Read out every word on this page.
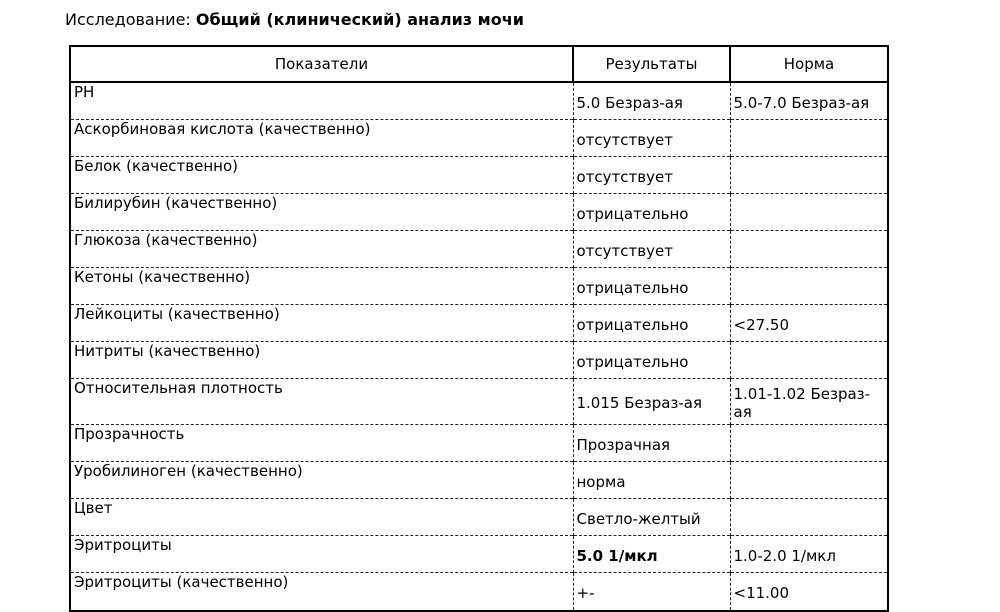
Исследование: Общий (клинический) анализ мочи
Показатели	Результаты	Норма
PH	5.0 Безраз-ая	5.0-7.0 Безраз-ая
Аскорбиновая кислота (качественно)	отсутствует	
Белок (качественно)	отсутствует	
Билирубин (качественно)	отрицательно	
Глюкоза (качественно)	отсутствует	
Кетоны (качественно)	отрицательно	
Лейкоциты (качественно)	отрицательно	<27.50
Нитриты (качественно)	отрицательно	
Относительная плотность	1.015 Безраз-ая	1.01-1.02 Безраз-ая
Прозрачность	Прозрачная	
Уробилиноген (качественно)	норма	
Цвет	Светло-желтый	
Эритроциты	5.0 1/мкл	1.0-2.0 1/мкл
Эритроциты (качественно)	+-	<11.00
